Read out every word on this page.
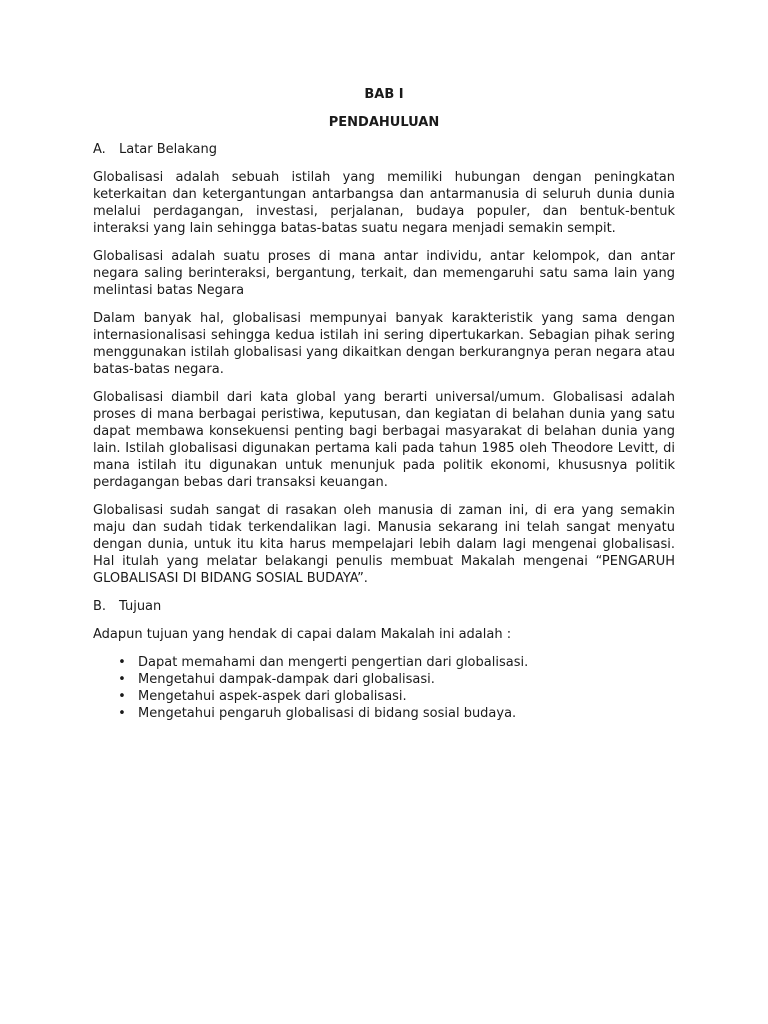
BAB I
PENDAHULUAN
A.	Latar Belakang

Globalisasi adalah sebuah istilah yang memiliki hubungan dengan peningkatan keterkaitan dan ketergantungan antarbangsa dan antarmanusia di seluruh dunia dunia melalui perdagangan, investasi, perjalanan, budaya populer, dan bentuk-bentuk interaksi yang lain sehingga batas-batas suatu negara menjadi semakin sempit.

Globalisasi adalah suatu proses di mana antar individu, antar kelompok, dan antar negara saling berinteraksi, bergantung, terkait, dan memengaruhi satu sama lain yang melintasi batas Negara

Dalam banyak hal, globalisasi mempunyai banyak karakteristik yang sama dengan internasionalisasi sehingga kedua istilah ini sering dipertukarkan. Sebagian pihak sering menggunakan istilah globalisasi yang dikaitkan dengan berkurangnya peran negara atau batas-batas negara.

Globalisasi diambil dari kata global yang berarti universal/umum. Globalisasi adalah proses di mana berbagai peristiwa, keputusan, dan kegiatan di belahan dunia yang satu dapat membawa konsekuensi penting bagi berbagai masyarakat di belahan dunia yang lain. Istilah globalisasi digunakan pertama kali pada tahun 1985 oleh Theodore Levitt, di mana istilah itu digunakan untuk menunjuk pada politik ekonomi, khususnya politik perdagangan bebas dari transaksi keuangan.

Globalisasi sudah sangat di rasakan oleh manusia di zaman ini, di era yang semakin maju dan sudah tidak terkendalikan lagi. Manusia sekarang ini telah sangat menyatu dengan dunia, untuk itu kita harus mempelajari lebih dalam lagi mengenai globalisasi. Hal itulah yang melatar belakangi penulis membuat Makalah mengenai “PENGARUH GLOBALISASI DI BIDANG SOSIAL BUDAYA”.

B. Tujuan

Adapun tujuan yang hendak di capai dalam Makalah ini adalah :

• Dapat memahami dan mengerti pengertian dari globalisasi.
• Mengetahui dampak-dampak dari globalisasi.
• Mengetahui aspek-aspek dari globalisasi.
• Mengetahui pengaruh globalisasi di bidang sosial budaya.
